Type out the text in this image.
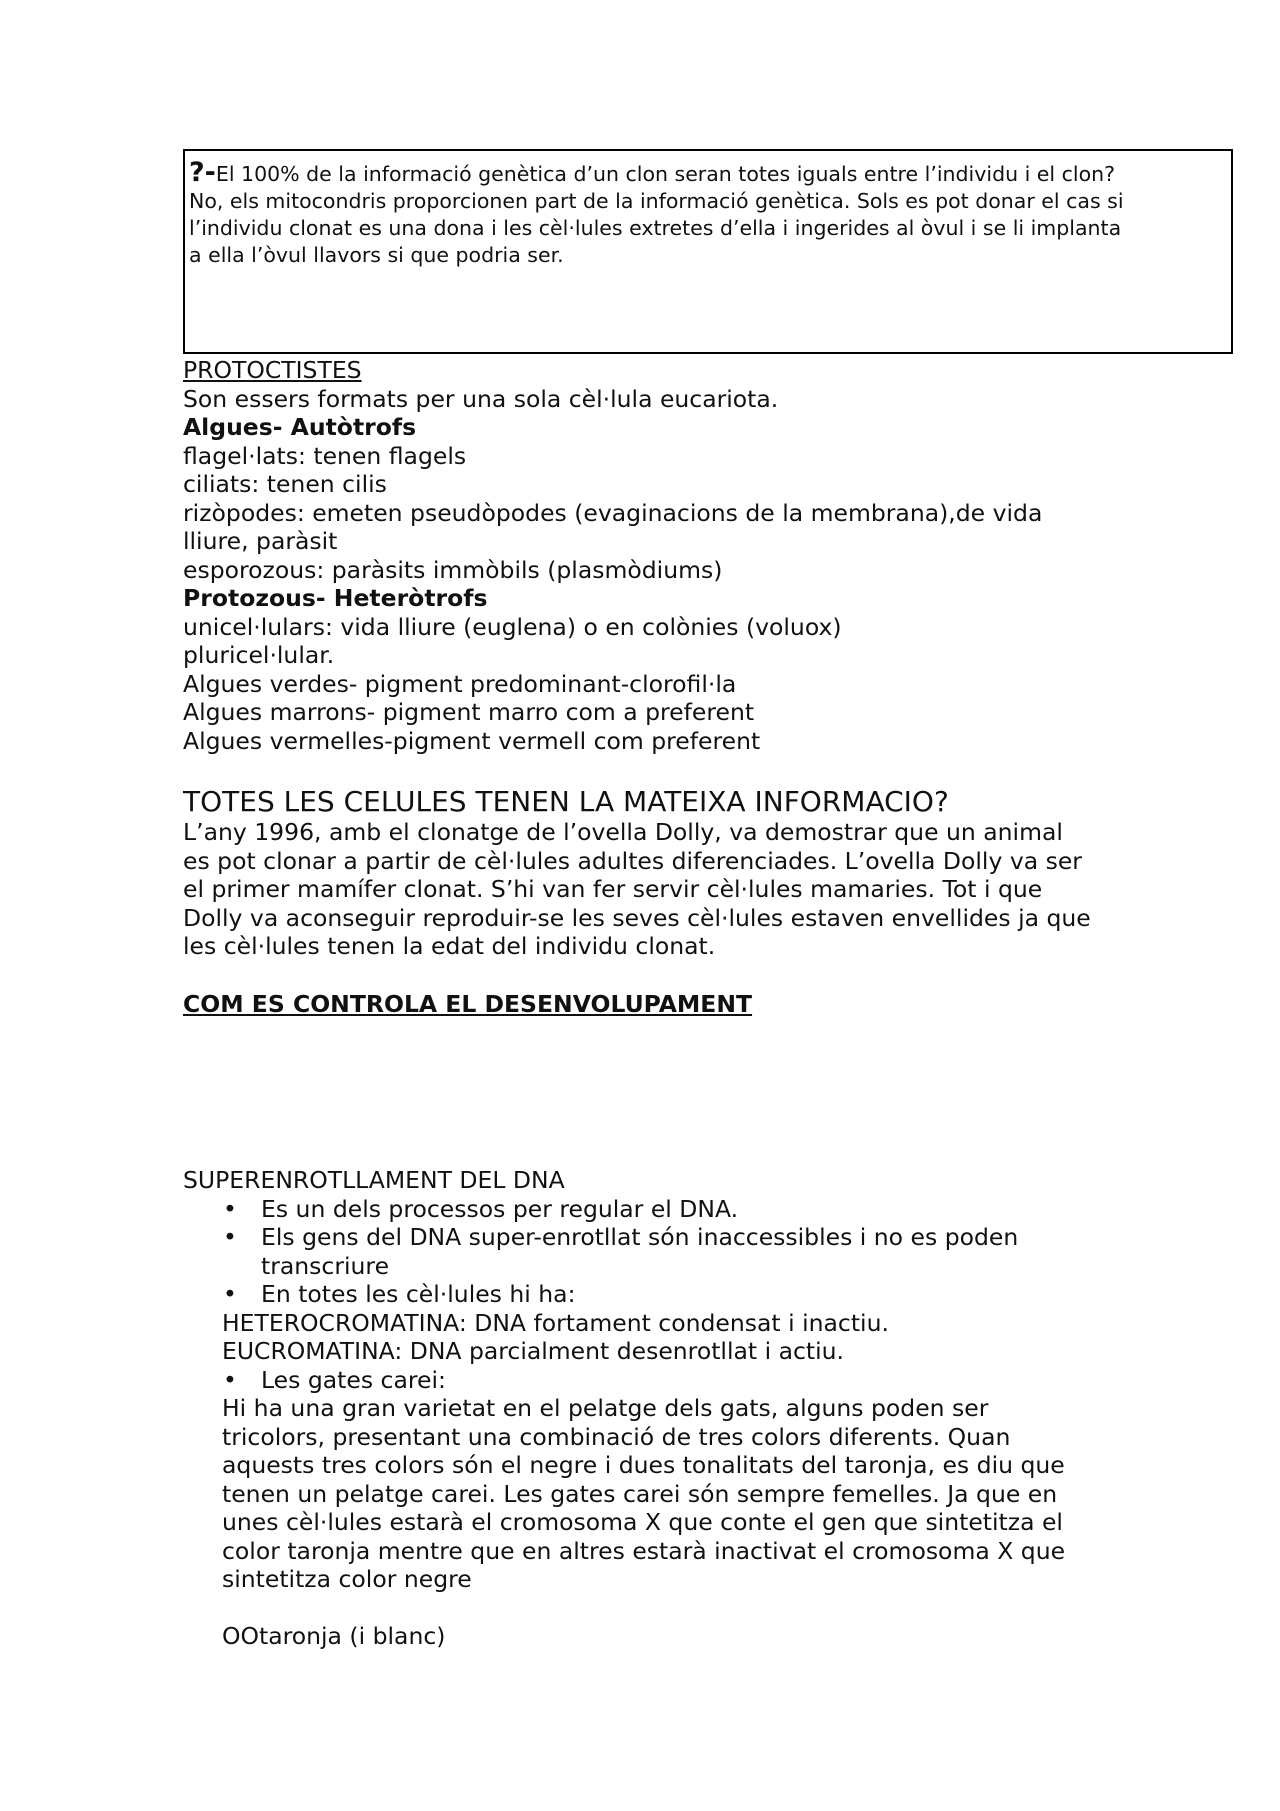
?-El 100% de la informació genètica d’un clon seran totes iguals entre l’individu i el clon?
No, els mitocondris proporcionen part de la informació genètica. Sols es pot donar el cas si
l’individu clonat es una dona i les cèl·lules extretes d’ella i ingerides al òvul i se li implanta
a ella l’òvul llavors si que podria ser.

PROTOCTISTES

Son essers formats per una sola cèl·lula eucariota.

Algues- Autòtrofs

flagel·lats: tenen flagels

ciliats: tenen cilis

rizòpodes: emeten pseudòpodes (evaginacions de la membrana),de vida

lliure, paràsit

esporozous: paràsits immòbils (plasmòdiums)

Protozous- Heteròtrofs

unicel·lulars: vida lliure (euglena) o en colònies (voluox)

pluricel·lular.

Algues verdes- pigment predominant-clorofil·la

Algues marrons- pigment marro com a preferent

Algues vermelles-pigment vermell com preferent

TOTES LES CELULES TENEN LA MATEIXA INFORMACIO?

L’any 1996, amb el clonatge de l’ovella Dolly, va demostrar que un animal

es pot clonar a partir de cèl·lules adultes diferenciades. L’ovella Dolly va ser

el primer mamífer clonat. S’hi van fer servir cèl·lules mamaries. Tot i que

Dolly va aconseguir reproduir-se les seves cèl·lules estaven envellides ja que

les cèl·lules tenen la edat del individu clonat.

COM ES CONTROLA EL DESENVOLUPAMENT

SUPERENROTLLAMENT DEL DNA

• Es un dels processos per regular el DNA.

• Els gens del DNA super-enrotllat són inaccessibles i no es poden

transcriure

• En totes les cèl·lules hi ha:

HETEROCROMATINA: DNA fortament condensat i inactiu.

EUCROMATINA: DNA parcialment desenrotllat i actiu.

• Les gates carei:

Hi ha una gran varietat en el pelatge dels gats, alguns poden ser

tricolors, presentant una combinació de tres colors diferents. Quan

aquests tres colors són el negre i dues tonalitats del taronja, es diu que

tenen un pelatge carei. Les gates carei són sempre femelles. Ja que en

unes cèl·lules estarà el cromosoma X que conte el gen que sintetitza el

color taronja mentre que en altres estarà inactivat el cromosoma X que

sintetitza color negre

OOtaronja (i blanc)
